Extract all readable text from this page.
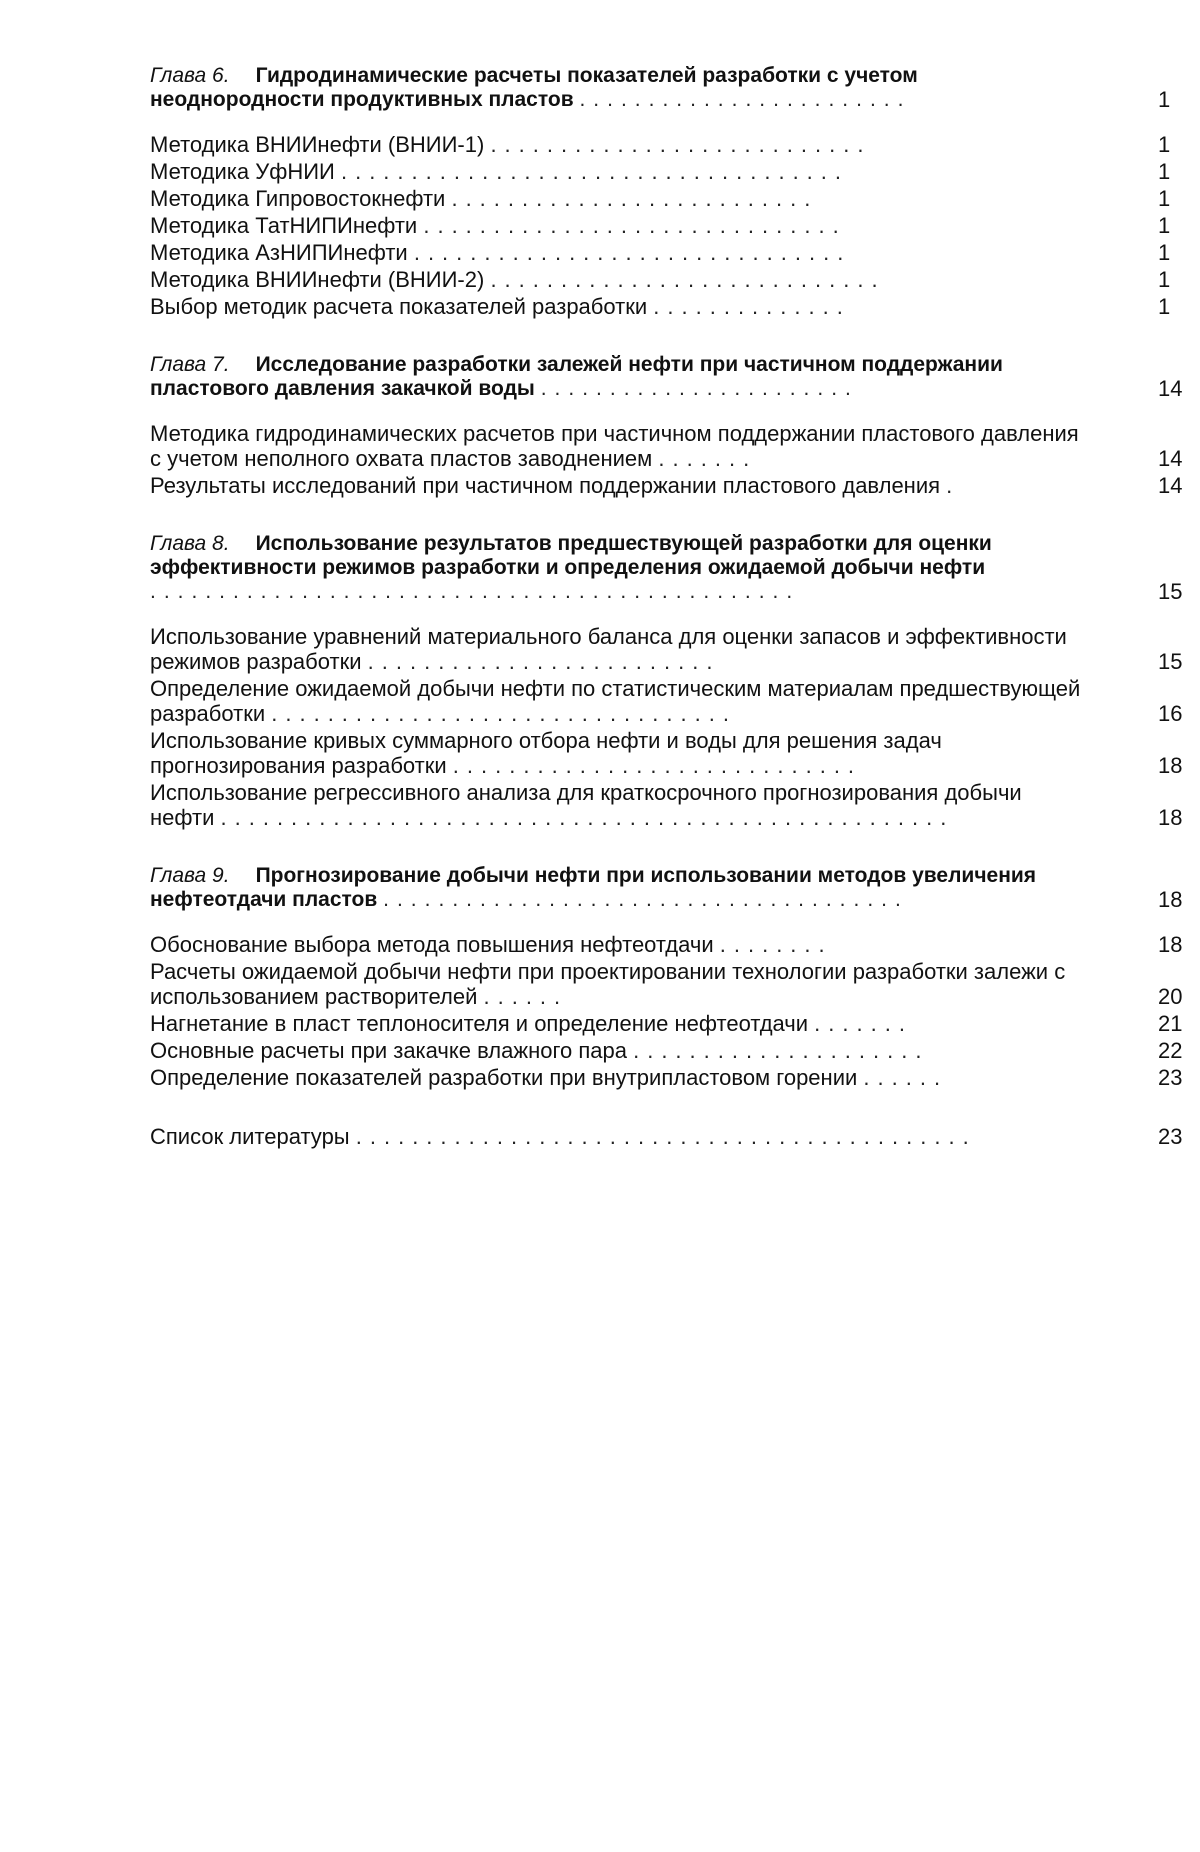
Глава 6. Гидродинамические расчеты показателей разработки с учетом неоднородности продуктивных пластов ........................	1
Методика ВНИИнефти (ВНИИ-1) ...........................	1
Методика УфНИИ ....................................	1
Методика Гипровостокнефти ..........................	1
Методика ТатНИПИнефти ..............................	1
Методика АзНИПИнефти ...............................	1
Методика ВНИИнефти (ВНИИ-2) ............................	1
Выбор методик расчета показателей разработки ..............	1
Глава 7. Исследование разработки залежей нефти при частичном поддержании пластового давления закачкой воды .......................	14
Методика гидродинамических расчетов при частичном поддержании пластового давления с учетом неполного охвата пластов заводнением .......	14
Результаты исследований при частичном поддержании пластового давления .	14
Глава 8. Использование результатов предшествующей разработки для оценки эффективности режимов разработки и определения ожидаемой добычи нефти ...............................................	15
Использование уравнений материального баланса для оценки запасов и эффективности режимов разработки .........................	15
Определение ожидаемой добычи нефти по статистическим материалам предшествующей разработки .................................	16
Использование кривых суммарного отбора нефти и воды для решения задач прогнозирования разработки .............................	18
Использование регрессивного анализа для краткосрочного прогнозирования добычи нефти ....................................................	18
Глава 9. Прогнозирование добычи нефти при использовании методов увеличения нефтеотдачи пластов ......................................	18
Обоснование выбора метода повышения нефтеотдачи ........	18
Расчеты ожидаемой добычи нефти при проектировании технологии разработки залежи с использованием растворителей ......	20
Нагнетание в пласт теплоносителя и определение нефтеотдачи .......	21
Основные расчеты при закачке влажного пара .....................	22
Определение показателей разработки при внутрипластовом горении ......	23
Список литературы ............................................	23
